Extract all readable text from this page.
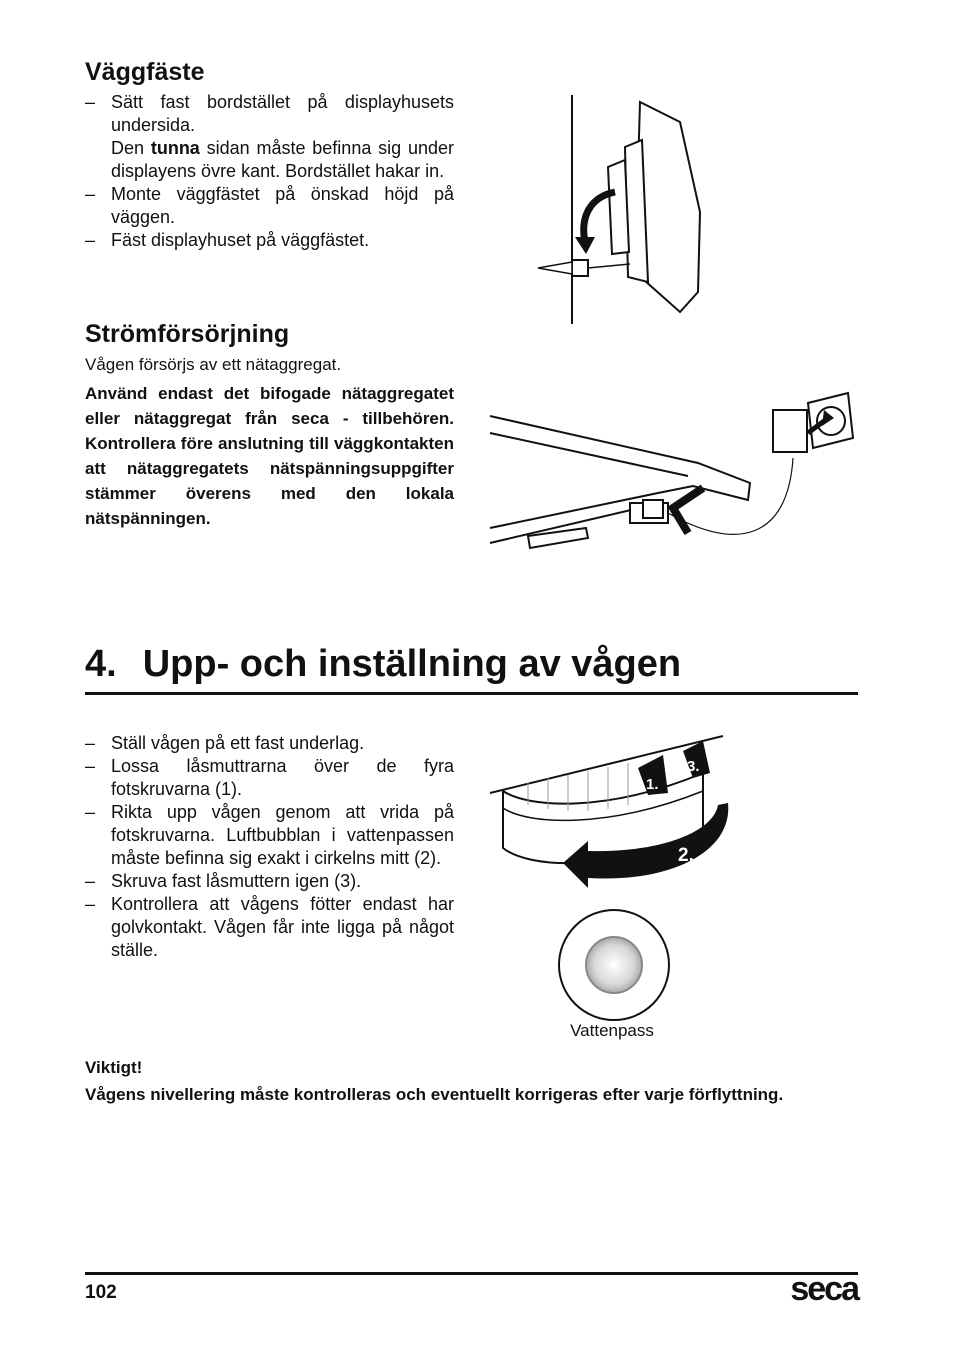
Väggfäste
– Sätt fast bordstället på displayhusets undersida.
Den tunna sidan måste befinna sig under displayens övre kant. Bordstället hakar in.
– Monte väggfästet på önskad höjd på väggen.
– Fäst displayhuset på väggfästet.
Strömförsörjning

Vågen försörjs av ett nätaggregat.

Använd endast det bifogade nätaggregatet eller nätaggregat från seca - tillbehören. Kontrollera före anslutning till väggkontakten att nätaggregatets nätspänningsuppgifter stämmer överens med den lokala nätspänningen.

4. Upp- och inställning av vågen
– Ställ vågen på ett fast underlag.
– Lossa låsmuttrarna över de fyra fotskruvarna (1).
– Rikta upp vågen genom att vrida på fotskruvarna. Luftbubblan i vattenpassen måste befinna sig exakt i cirkelns mitt (2).
– Skruva fast låsmuttern igen (3).
– Kontrollera att vågens fötter endast har golvkontakt. Vågen får inte ligga på något ställe.
1.
3.
2.
Vattenpass
Viktigt!

Vågens nivellering måste kontrolleras och eventuellt korrigeras efter varje förflyttning.

102	seca
